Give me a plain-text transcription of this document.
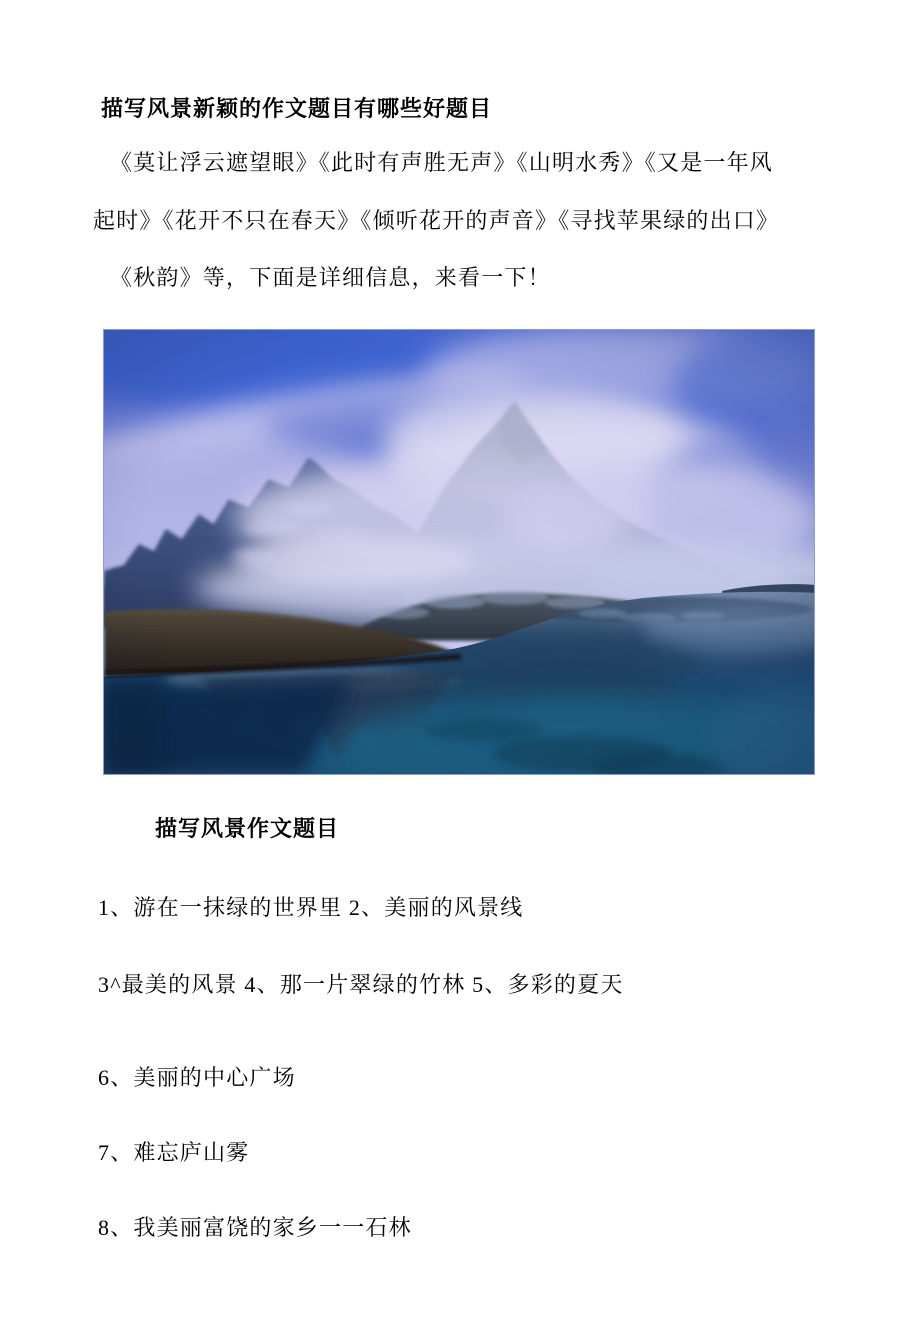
描写风景新颖的作文题目有哪些好题目

《莫让浮云遮望眼》《此时有声胜无声》《山明水秀》《又是一年风

起时》《花开不只在春天》《倾听花开的声音》《寻找苹果绿的出口》

《秋韵》等，下面是详细信息，来看一下！

描写风景作文题目

1、游在一抹绿的世界里 2、美丽的风景线

3^最美的风景 4、那一片翠绿的竹林 5、多彩的夏天

6、美丽的中心广场

7、难忘庐山雾

8、我美丽富饶的家乡一一石林
